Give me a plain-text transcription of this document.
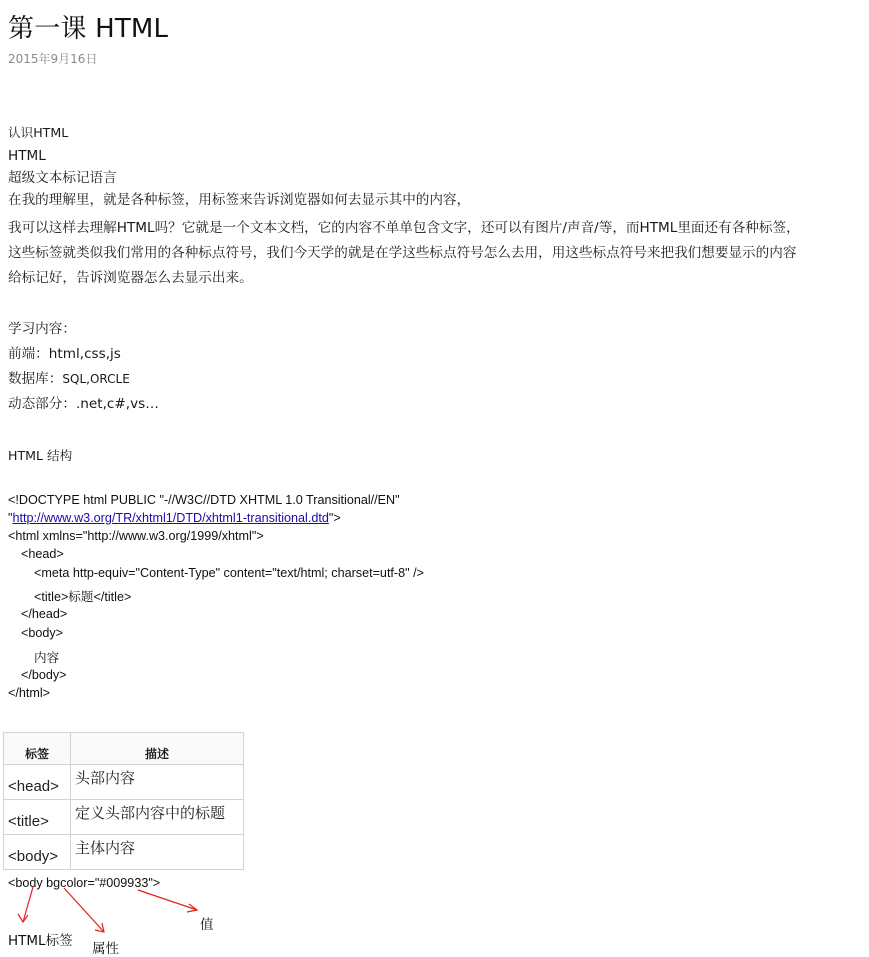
第一课 HTML
2015年9月16日
认识HTML
HTML
超级文本标记语言
在我的理解里，就是各种标签，用标签来告诉浏览器如何去显示其中的内容，
我可以这样去理解HTML吗？它就是一个文本文档，它的内容不单单包含文字，还可以有图片/声音/等，而HTML里面还有各种标签，
这些标签就类似我们常用的各种标点符号，我们今天学的就是在学这些标点符号怎么去用，用这些标点符号来把我们想要显示的内容
给标记好，告诉浏览器怎么去显示出来。
学习内容：
前端：html,css,js
数据库：SQL,ORCLE
动态部分：.net,c#,vs…
HTML 结构
<!DOCTYPE html PUBLIC "-//W3C//DTD XHTML 1.0 Transitional//EN"
"http://www.w3.org/TR/xhtml1/DTD/xhtml1-transitional.dtd">
<html xmlns="http://www.w3.org/1999/xhtml">
<head>
<meta http-equiv="Content-Type" content="text/html; charset=utf-8" />
<title>标题</title>
</head>
<body>
内容
</body>
</html>
标签	描述
<head>	头部内容
<title>	定义头部内容中的标题
<body>	主体内容
<body bgcolor="#009933">
HTML标签 属性
值
